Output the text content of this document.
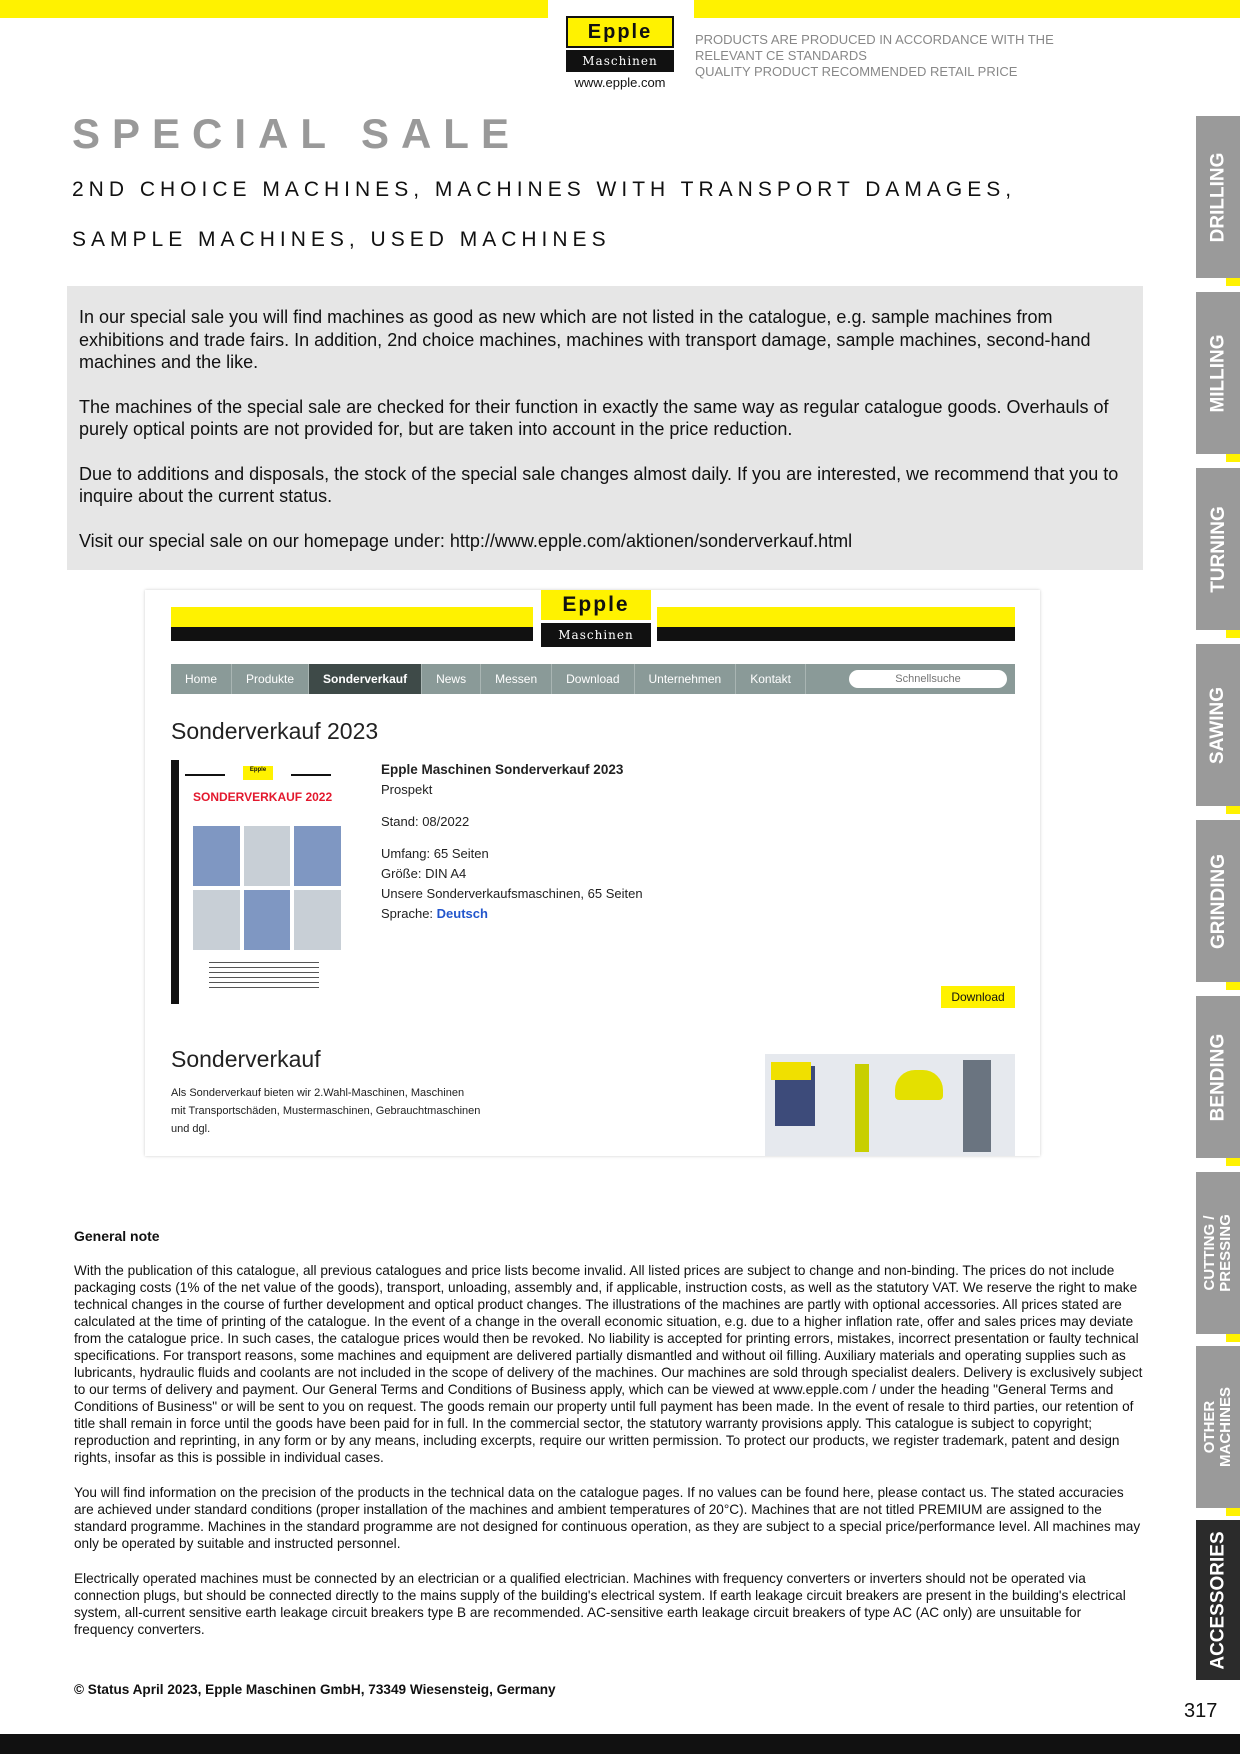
Epple
Maschinen
www.epple.com
PRODUCTS ARE PRODUCED IN ACCORDANCE WITH THE
RELEVANT CE STANDARDS
QUALITY PRODUCT RECOMMENDED RETAIL PRICE
SPECIAL SALE
2ND CHOICE MACHINES, MACHINES WITH TRANSPORT DAMAGES,
SAMPLE MACHINES, USED MACHINES

In our special sale you will find machines as good as new which are not listed in the catalogue, e.g. sample machines from exhibitions and trade fairs. In addition, 2nd choice machines, machines with transport damage, sample machines, second-hand machines and the like.

The machines of the special sale are checked for their function in exactly the same way as regular catalogue goods. Overhauls of purely optical points are not provided for, but are taken into account in the price reduction.

Due to additions and disposals, the stock of the special sale changes almost daily. If you are interested, we recommend that you to inquire about the current status.

Visit our special sale on our homepage under: http://www.epple.com/aktionen/sonderverkauf.html

Epple
Maschinen
Home	Produkte	Sonderverkauf	News	Messen	Download	Unternehmen	Kontakt
Schnellsuche
Sonderverkauf 2023
Epple
SONDERVERKAUF 2022
Epple Maschinen Sonderverkauf 2023
Prospekt
Stand: 08/2022
Umfang: 65 Seiten
Größe: DIN A4
Unsere Sonderverkaufsmaschinen, 65 Seiten
Sprache: Deutsch
Download
Sonderverkauf
Als Sonderverkauf bieten wir 2.Wahl-Maschinen, Maschinen mit Transportschäden, Mustermaschinen, Gebrauchtmaschinen und dgl.
General note

With the publication of this catalogue, all previous catalogues and price lists become invalid. All listed prices are subject to change and non-binding. The prices do not include packaging costs (1% of the net value of the goods), transport, unloading, assembly and, if applicable, instruction costs, as well as the statutory VAT. We reserve the right to make technical changes in the course of further development and optical product changes. The illustrations of the machines are partly with optional accessories. All prices stated are calculated at the time of printing of the catalogue. In the event of a change in the overall economic situation, e.g. due to a higher inflation rate, offer and sales prices may deviate from the catalogue price. In such cases, the catalogue prices would then be revoked. No liability is accepted for printing errors, mistakes, incorrect presentation or faulty technical specifications. For transport reasons, some machines and equipment are delivered partially dismantled and without oil filling. Auxiliary materials and operating supplies such as lubricants, hydraulic fluids and coolants are not included in the scope of delivery of the machines. Our machines are sold through specialist dealers. Delivery is exclusively subject to our terms of delivery and payment. Our General Terms and Conditions of Business apply, which can be viewed at www.epple.com / under the heading "General Terms and Conditions of Business" or will be sent to you on request. The goods remain our property until full payment has been made. In the event of resale to third parties, our retention of title shall remain in force until the goods have been paid for in full. In the commercial sector, the statutory warranty provisions apply. This catalogue is subject to copyright; reproduction and reprinting, in any form or by any means, including excerpts, require our written permission. To protect our products, we register trademark, patent and design rights, insofar as this is possible in individual cases.

You will find information on the precision of the products in the technical data on the catalogue pages. If no values can be found here, please contact us. The stated accuracies are achieved under standard conditions (proper installation of the machines and ambient temperatures of 20°C). Machines that are not titled PREMIUM are assigned to the standard programme. Machines in the standard programme are not designed for continuous operation, as they are subject to a special price/performance level. All machines may only be operated by suitable and instructed personnel.

Electrically operated machines must be connected by an electrician or a qualified electrician. Machines with frequency converters or inverters should not be operated via connection plugs, but should be connected directly to the mains supply of the building's electrical system. If earth leakage circuit breakers are present in the building's electrical system, all-current sensitive earth leakage circuit breakers type B are recommended. AC-sensitive earth leakage circuit breakers of type AC (AC only) are unsuitable for frequency converters.

© Status April 2023, Epple Maschinen GmbH, 73349 Wiesensteig, Germany
317
DRILLING
MILLING
TURNING
SAWING
GRINDING
BENDING
CUTTING /
PRESSING
OTHER
MACHINES
ACCESSORIES
